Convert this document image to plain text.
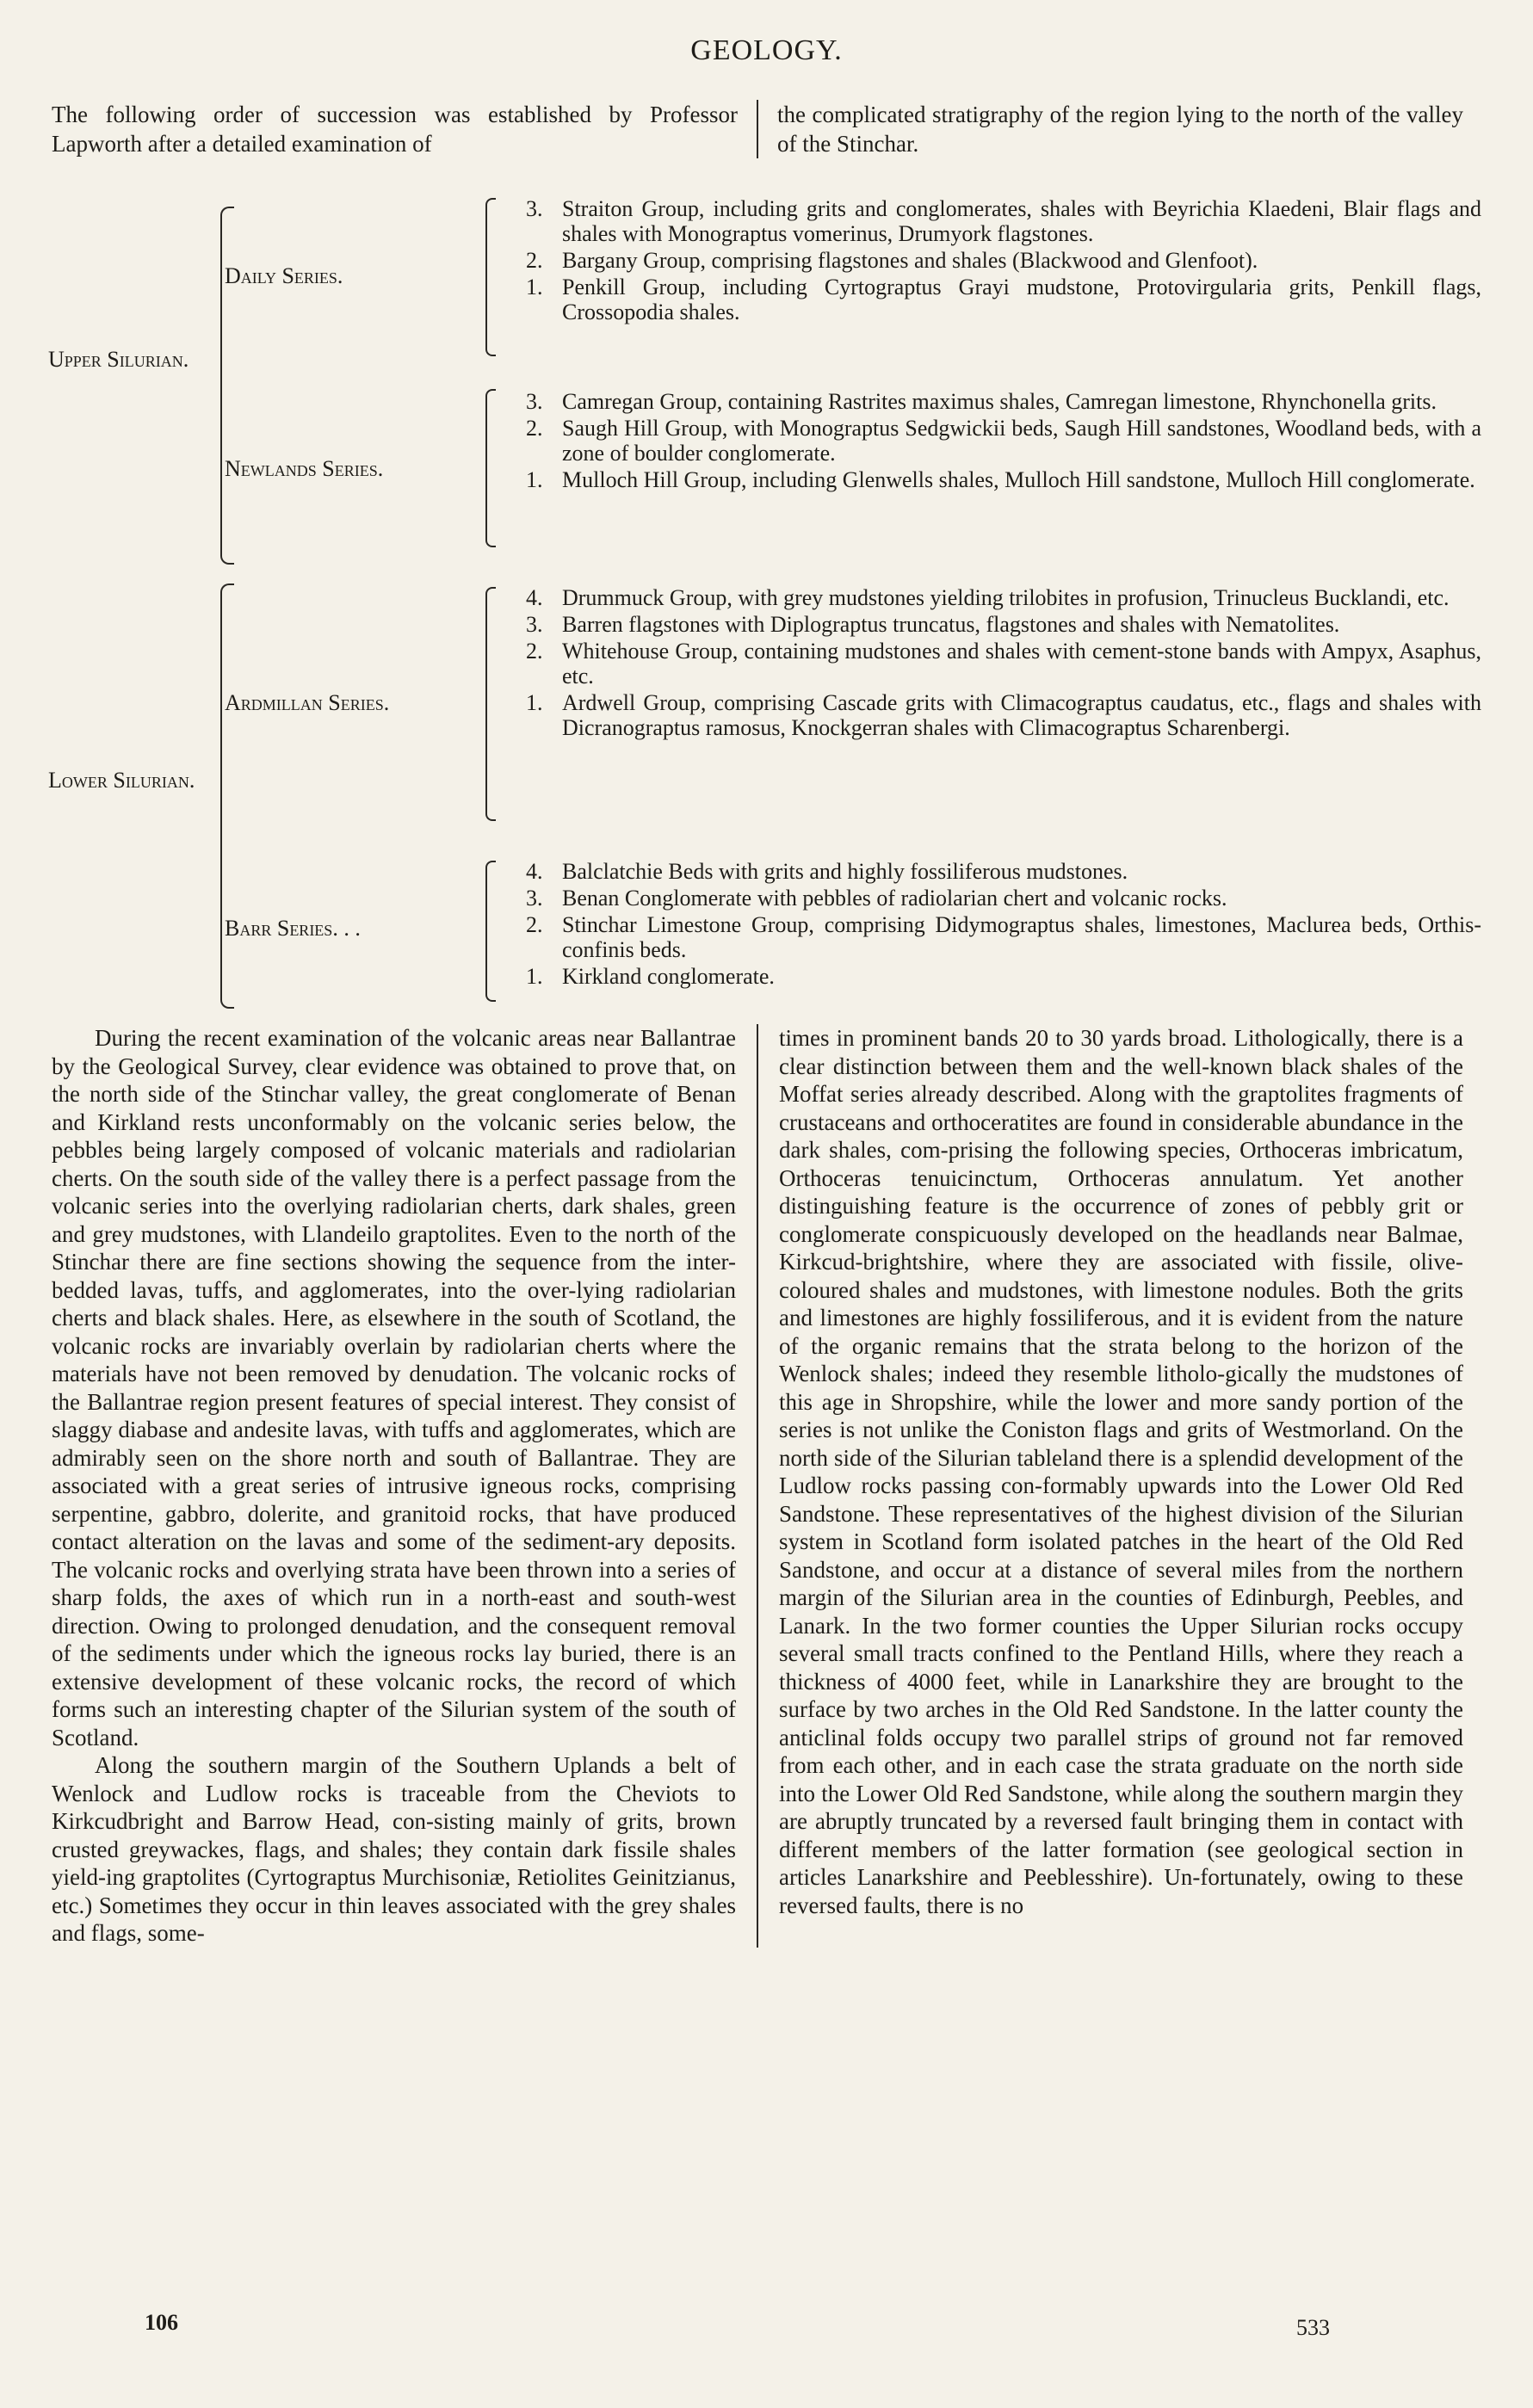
GEOLOGY.
The following order of succession was established by Professor Lapworth after a detailed examination of
the complicated stratigraphy of the region lying to the north of the valley of the Stinchar.
Upper Silurian.
Daily Series.
3. Straiton Group, including grits and conglomerates, shales with Beyrichia Klaedeni, Blair flags and shales with Monograptus vomerinus, Drumyork flagstones.
2. Bargany Group, comprising flagstones and shales (Blackwood and Glenfoot).
1. Penkill Group, including Cyrtograptus Grayi mudstone, Protovirgularia grits, Penkill flags, Crossopodia shales.
Newlands Series.
3. Camregan Group, containing Rastrites maximus shales, Camregan limestone, Rhynchonella grits.
2. Saugh Hill Group, with Monograptus Sedgwickii beds, Saugh Hill sandstones, Woodland beds, with a zone of boulder conglomerate.
1. Mulloch Hill Group, including Glenwells shales, Mulloch Hill sandstone, Mulloch Hill conglomerate.
Lower Silurian.
Ardmillan Series.
4. Drummuck Group, with grey mudstones yielding trilobites in profusion, Trinucleus Bucklandi, etc.
3. Barren flagstones with Diplograptus truncatus, flagstones and shales with Nematolites.
2. Whitehouse Group, containing mudstones and shales with cement-stone bands with Ampyx, Asaphus, etc.
1. Ardwell Group, comprising Cascade grits with Climacograptus caudatus, etc., flags and shales with Dicranograptus ramosus, Knockgerran shales with Climacograptus Scharenbergi.
Barr Series. . .
4. Balclatchie Beds with grits and highly fossiliferous mudstones.
3. Benan Conglomerate with pebbles of radiolarian chert and volcanic rocks.
2. Stinchar Limestone Group, comprising Didymograptus shales, limestones, Maclurea beds, Orthis-confinis beds.
1. Kirkland conglomerate.

During the recent examination of the volcanic areas near Ballantrae by the Geological Survey, clear evidence was obtained to prove that, on the north side of the Stinchar valley, the great conglomerate of Benan and Kirkland rests unconformably on the volcanic series below, the pebbles being largely composed of volcanic materials and radiolarian cherts. On the south side of the valley there is a perfect passage from the volcanic series into the overlying radiolarian cherts, dark shales, green and grey mudstones, with Llandeilo graptolites. Even to the north of the Stinchar there are fine sections showing the sequence from the inter-bedded lavas, tuffs, and agglomerates, into the over-lying radiolarian cherts and black shales. Here, as elsewhere in the south of Scotland, the volcanic rocks are invariably overlain by radiolarian cherts where the materials have not been removed by denudation. The volcanic rocks of the Ballantrae region present features of special interest. They consist of slaggy diabase and andesite lavas, with tuffs and agglomerates, which are admirably seen on the shore north and south of Ballantrae. They are associated with a great series of intrusive igneous rocks, comprising serpentine, gabbro, dolerite, and granitoid rocks, that have produced contact alteration on the lavas and some of the sediment-ary deposits. The volcanic rocks and overlying strata have been thrown into a series of sharp folds, the axes of which run in a north-east and south-west direction. Owing to prolonged denudation, and the consequent removal of the sediments under which the igneous rocks lay buried, there is an extensive development of these volcanic rocks, the record of which forms such an interesting chapter of the Silurian system of the south of Scotland.

Along the southern margin of the Southern Uplands a belt of Wenlock and Ludlow rocks is traceable from the Cheviots to Kirkcudbright and Barrow Head, con-sisting mainly of grits, brown crusted greywackes, flags, and shales; they contain dark fissile shales yield-ing graptolites (Cyrtograptus Murchisoniæ, Retiolites Geinitzianus, etc.) Sometimes they occur in thin leaves associated with the grey shales and flags, some-

times in prominent bands 20 to 30 yards broad. Lithologically, there is a clear distinction between them and the well-known black shales of the Moffat series already described. Along with the graptolites fragments of crustaceans and orthoceratites are found in considerable abundance in the dark shales, com-prising the following species, Orthoceras imbricatum, Orthoceras tenuicinctum, Orthoceras annulatum. Yet another distinguishing feature is the occurrence of zones of pebbly grit or conglomerate conspicuously developed on the headlands near Balmae, Kirkcud-brightshire, where they are associated with fissile, olive-coloured shales and mudstones, with limestone nodules. Both the grits and limestones are highly fossiliferous, and it is evident from the nature of the organic remains that the strata belong to the horizon of the Wenlock shales; indeed they resemble litholo-gically the mudstones of this age in Shropshire, while the lower and more sandy portion of the series is not unlike the Coniston flags and grits of Westmorland. On the north side of the Silurian tableland there is a splendid development of the Ludlow rocks passing con-formably upwards into the Lower Old Red Sandstone. These representatives of the highest division of the Silurian system in Scotland form isolated patches in the heart of the Old Red Sandstone, and occur at a distance of several miles from the northern margin of the Silurian area in the counties of Edinburgh, Peebles, and Lanark. In the two former counties the Upper Silurian rocks occupy several small tracts confined to the Pentland Hills, where they reach a thickness of 4000 feet, while in Lanarkshire they are brought to the surface by two arches in the Old Red Sandstone. In the latter county the anticlinal folds occupy two parallel strips of ground not far removed from each other, and in each case the strata graduate on the north side into the Lower Old Red Sandstone, while along the southern margin they are abruptly truncated by a reversed fault bringing them in contact with different members of the latter formation (see geological section in articles Lanarkshire and Peeblesshire). Un-fortunately, owing to these reversed faults, there is no

106	533
